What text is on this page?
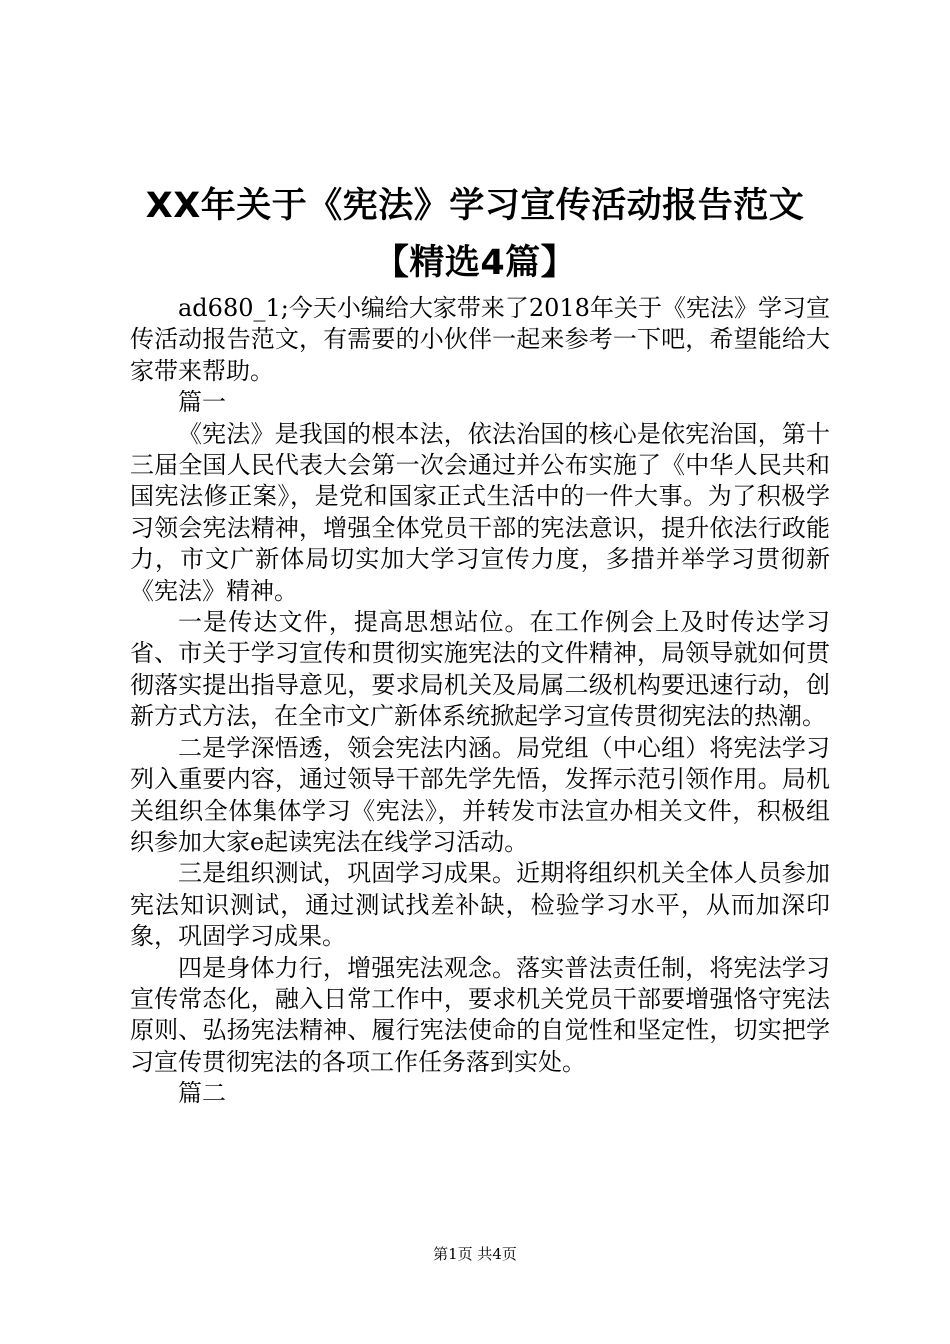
XX年关于《宪法》学习宣传活动报告范文
【精选4篇】

ad680_1;今天小编给大家带来了2018年关于《宪法》学习宣传活动报告范文，有需要的小伙伴一起来参考一下吧，希望能给大家带来帮助。

篇一

《宪法》是我国的根本法，依法治国的核心是依宪治国，第十三届全国人民代表大会第一次会通过并公布实施了《中华人民共和国宪法修正案》，是党和国家正式生活中的一件大事。为了积极学习领会宪法精神，增强全体党员干部的宪法意识，提升依法行政能力，市文广新体局切实加大学习宣传力度，多措并举学习贯彻新《宪法》精神。

一是传达文件，提高思想站位。在工作例会上及时传达学习省、市关于学习宣传和贯彻实施宪法的文件精神，局领导就如何贯彻落实提出指导意见，要求局机关及局属二级机构要迅速行动，创新方式方法，在全市文广新体系统掀起学习宣传贯彻宪法的热潮。

二是学深悟透，领会宪法内涵。局党组（中心组）将宪法学习列入重要内容，通过领导干部先学先悟，发挥示范引领作用。局机关组织全体集体学习《宪法》，并转发市法宣办相关文件，积极组织参加大家e起读宪法在线学习活动。

三是组织测试，巩固学习成果。近期将组织机关全体人员参加宪法知识测试，通过测试找差补缺，检验学习水平，从而加深印象，巩固学习成果。

四是身体力行，增强宪法观念。落实普法责任制，将宪法学习宣传常态化，融入日常工作中，要求机关党员干部要增强恪守宪法原则、弘扬宪法精神、履行宪法使命的自觉性和坚定性，切实把学习宣传贯彻宪法的各项工作任务落到实处。

篇二

第1页 共4页
